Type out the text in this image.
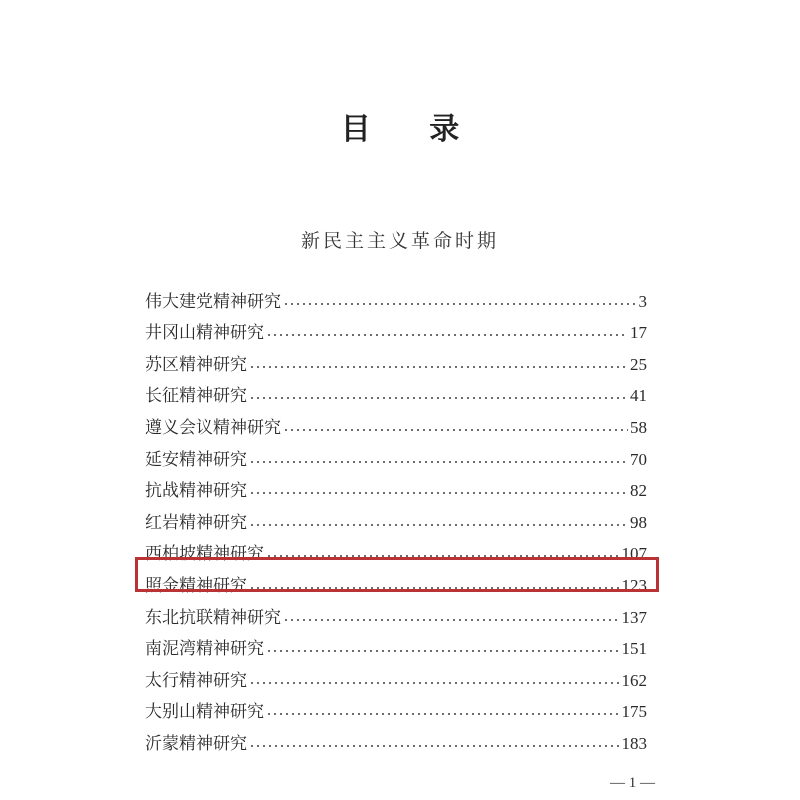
目 录
新民主主义革命时期
伟大建党精神研究	3
井冈山精神研究	17
苏区精神研究	25
长征精神研究	41
遵义会议精神研究	58
延安精神研究	70
抗战精神研究	82
红岩精神研究	98
西柏坡精神研究	107
照金精神研究	123
东北抗联精神研究	137
南泥湾精神研究	151
太行精神研究	162
大别山精神研究	175
沂蒙精神研究	183
— 1 —
